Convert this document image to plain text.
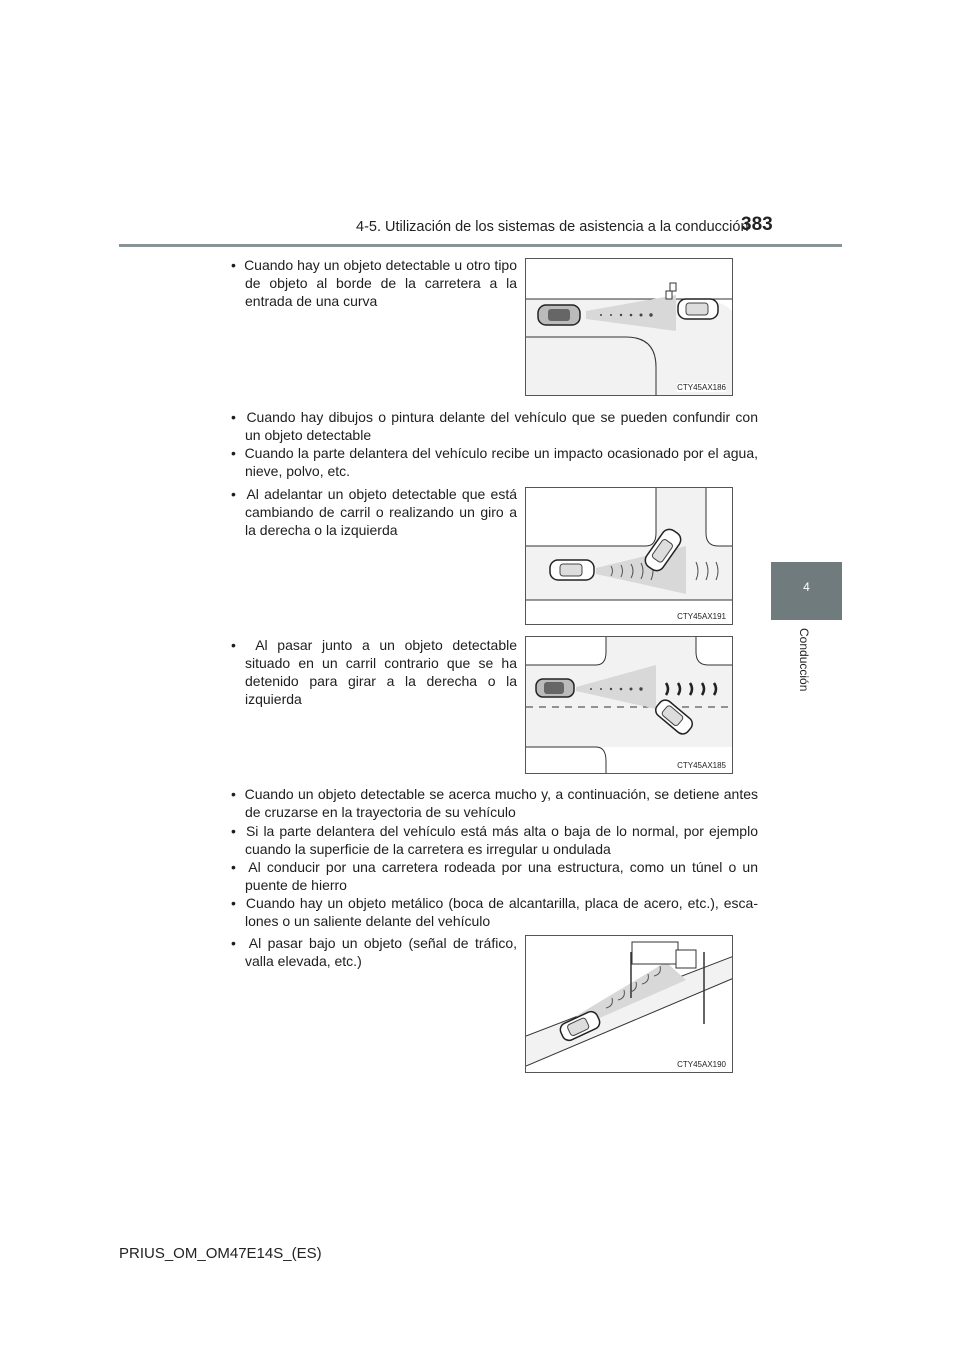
4-5. Utilización de los sistemas de asistencia a la conducción
383
4
Conducción
•  Cuando hay un objeto detectable u otro tipo de objeto al borde de la carretera a la entrada de una curva
CTY45AX186
•  Cuando hay dibujos o pintura delante del vehículo que se pueden confundir con un objeto detectable
•  Cuando la parte delantera del vehículo recibe un impacto ocasionado por el agua, nieve, polvo, etc.
•  Al adelantar un objeto detectable que está cambiando de carril o realizando un giro a la derecha o la izquierda
CTY45AX191
•  Al pasar junto a un objeto detectable situado en un carril contrario que se ha detenido para girar a la derecha o la izquierda
CTY45AX185
•  Cuando un objeto detectable se acerca mucho y, a continuación, se detiene antes de cruzarse en la trayectoria de su vehículo
•  Si la parte delantera del vehículo está más alta o baja de lo normal, por ejemplo cuando la superficie de la carretera es irregular u ondulada
•  Al conducir por una carretera rodeada por una estructura, como un túnel o un puente de hierro
•  Cuando hay un objeto metálico (boca de alcantarilla, placa de acero, etc.), esca-lones o un saliente delante del vehículo
•  Al pasar bajo un objeto (señal de tráfico, valla elevada, etc.)
CTY45AX190
PRIUS_OM_OM47E14S_(ES)
